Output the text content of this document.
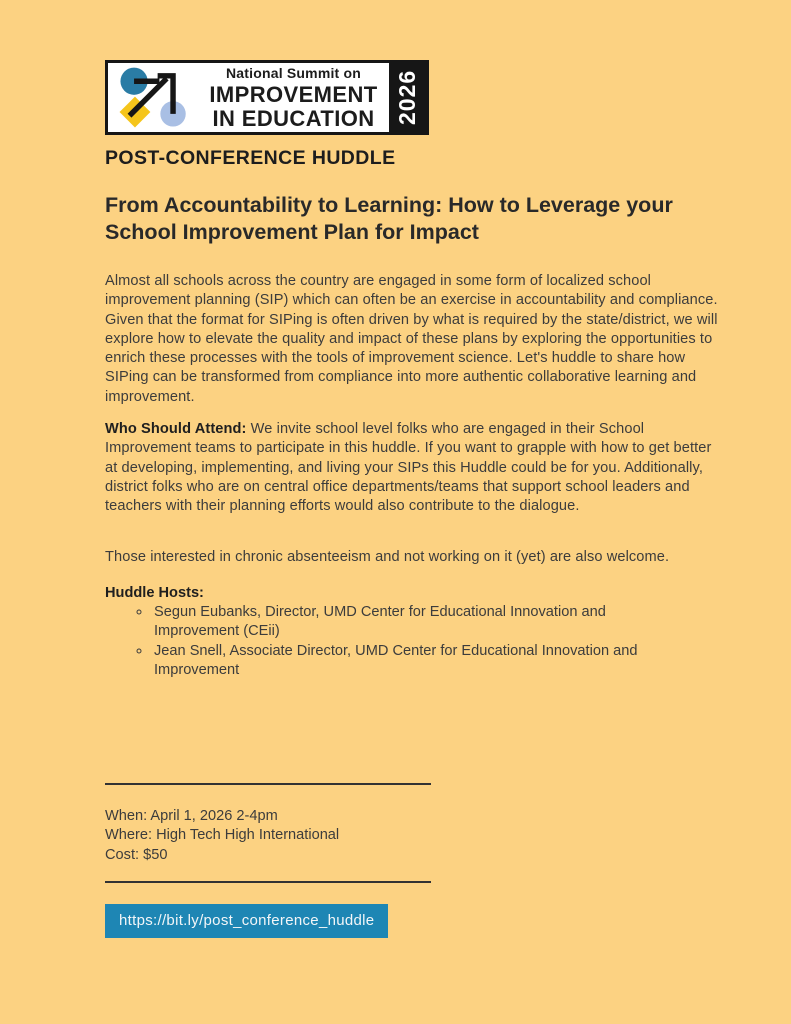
National Summit on
IMPROVEMENT
IN EDUCATION 2026
POST-CONFERENCE HUDDLE
From Accountability to Learning: How to Leverage your School Improvement Plan for Impact

Almost all schools across the country are engaged in some form of localized school improvement planning (SIP) which can often be an exercise in accountability and compliance. Given that the format for SIPing is often driven by what is required by the state/district, we will explore how to elevate the quality and impact of these plans by exploring the opportunities to enrich these processes with the tools of improvement science. Let's huddle to share how SIPing can be transformed from compliance into more authentic collaborative learning and improvement.

Who Should Attend: We invite school level folks who are engaged in their School Improvement teams to participate in this huddle. If you want to grapple with how to get better at developing, implementing, and living your SIPs this Huddle could be for you. Additionally, district folks who are on central office departments/teams that support school leaders and teachers with their planning efforts would also contribute to the dialogue.

Those interested in chronic absenteeism and not working on it (yet) are also welcome.

Huddle Hosts:
◦ Segun Eubanks, Director, UMD Center for Educational Innovation and Improvement (CEii)
◦ Jean Snell, Associate Director, UMD Center for Educational Innovation and Improvement
When: April 1, 2026 2-4pm
Where: High Tech High International
Cost: $50
https://bit.ly/post_conference_huddle
